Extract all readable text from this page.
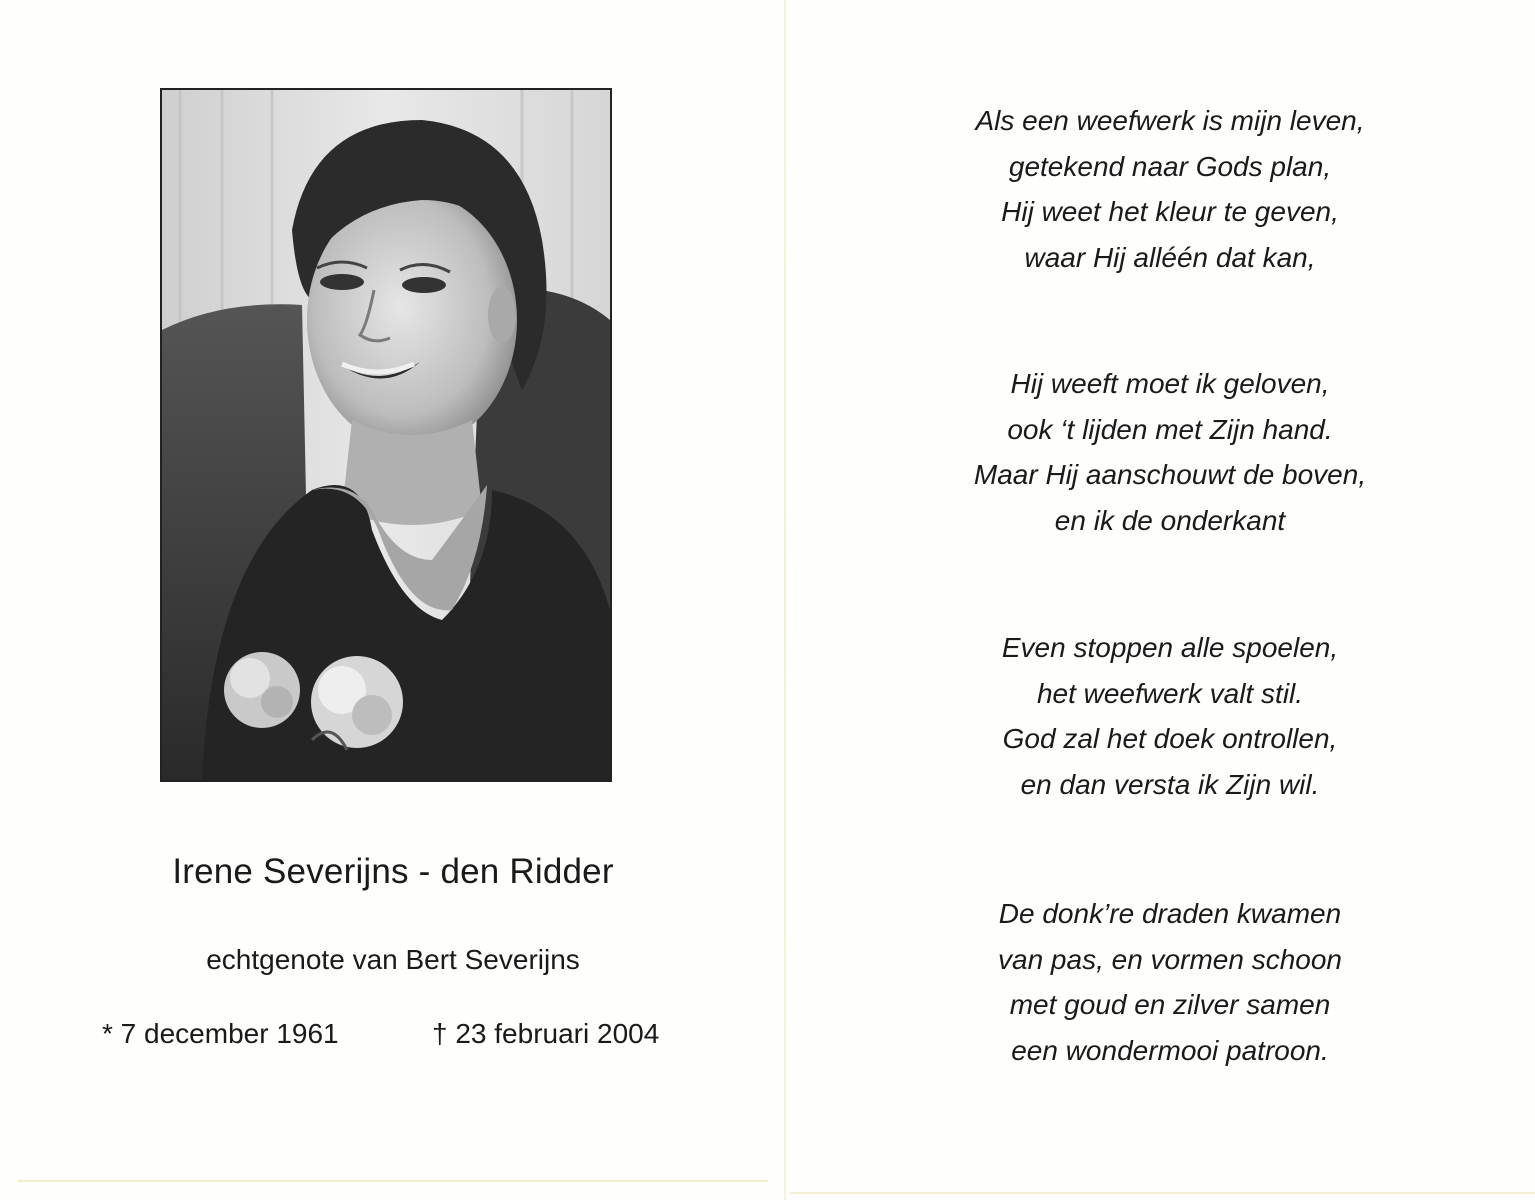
Irene Severijns - den Ridder
echtgenote van Bert Severijns
* 7 december 1961	† 23 februari 2004
Als een weefwerk is mijn leven,
getekend naar Gods plan,
Hij weet het kleur te geven,
waar Hij alléén dat kan,
Hij weeft moet ik geloven,
ook ‘t lijden met Zijn hand.
Maar Hij aanschouwt de boven,
en ik de onderkant
Even stoppen alle spoelen,
het weefwerk valt stil.
God zal het doek ontrollen,
en dan versta ik Zijn wil.
De donk’re draden kwamen
van pas, en vormen schoon
met goud en zilver samen
een wondermooi patroon.
